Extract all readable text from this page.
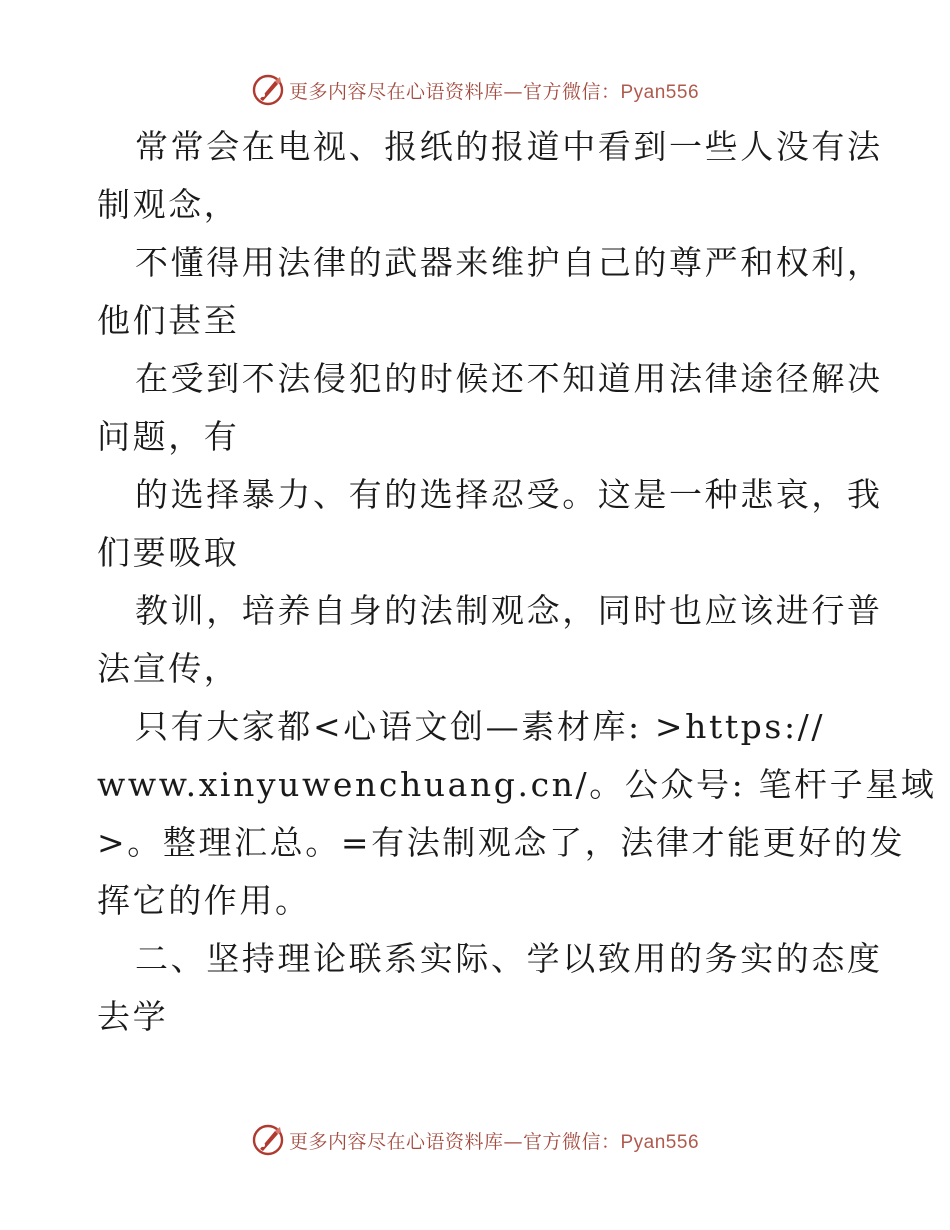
更多内容尽在心语资料库—官方微信：Pyan556

常常会在电视、报纸的报道中看到一些人没有法
制观念，

不懂得用法律的武器来维护自己的尊严和权利，
他们甚至

在受到不法侵犯的时候还不知道用法律途径解决
问题，有

的选择暴力、有的选择忍受。这是一种悲哀，我
们要吸取

教训，培养自身的法制观念，同时也应该进行普
法宣传，

只有大家都<心语文创—素材库: >https://
www.xinyuwenchuang.cn/。公众号: 笔杆子星域
>。整理汇总。=有法制观念了，法律才能更好的发
挥它的作用。

二、坚持理论联系实际、学以致用的务实的态度
去学

更多内容尽在心语资料库—官方微信：Pyan556
